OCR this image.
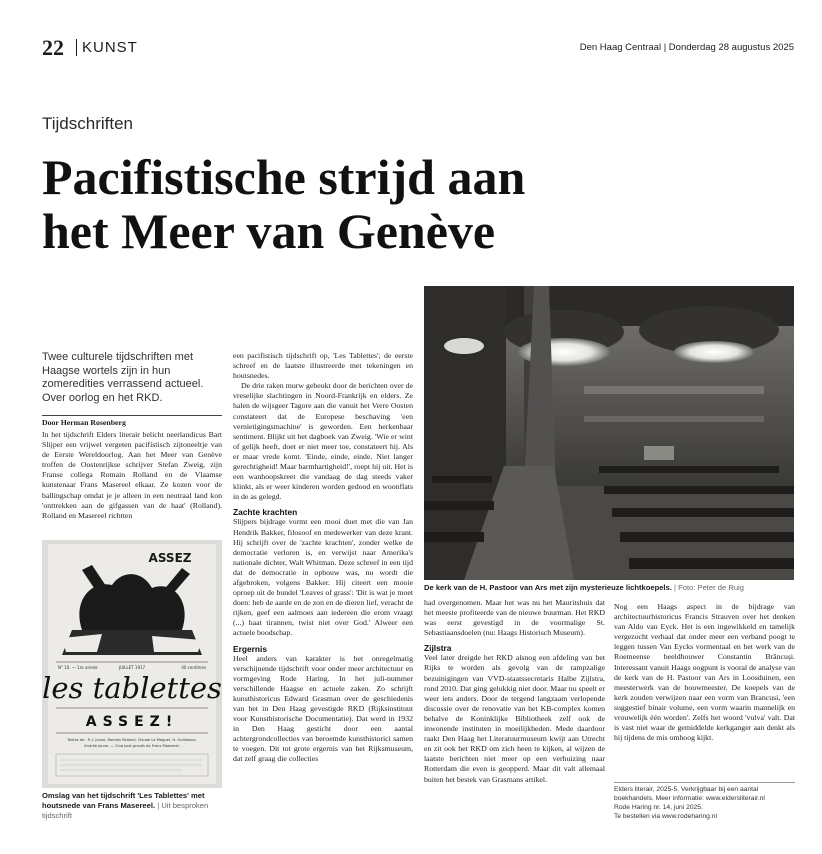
22 KUNST	Den Haag Centraal | Donderdag 28 augustus 2025
Tijdschriften
Pacifistische strijd aan het Meer van Genève
De kerk van de H. Pastoor van Ars met zijn mysterieuze lichtkoepels. | Foto: Peter de Ruig
Twee culturele tijdschriften met Haagse wortels zijn in hun zomeredities verrassend actueel. Over oorlog en het RKD.
Door Herman Rosenberg

In het tijdschrift Elders literair belicht neerlandicus Bart Slijper een vrijwel vergeten pacifistisch zijtoneeltje van de Eerste Wereldoorlog. Aan het Meer van Genève troffen de Oostenrijkse schrijver Stefan Zweig, zijn Franse collega Romain Rolland en de Vlaamse kunstenaar Frans Masereel elkaar. Ze kozen voor de ballingschap omdat je je alleen in een neutraal land kon 'onttrekken aan de gifgassen van de haat' (Rolland). Rolland en Masereel richtten

ASSEZ
N° 10. — 1re année	JUILLET 1917	40 centimes
les tablettes
ASSEZ!
Textes de : P.-J. Jouve, Romain Rolland, Claude Le Maguet, H. Guilbeaux,
Andrée Jouve. — Cinq bois gravés de Frans Masereel.
Omslag van het tijdschrift 'Les Tablettes' met houtsnede van Frans Masereel. | Uit besproken tijdschrift

een pacifistisch tijdschrift op, 'Les Tablettes'; de eerste schreef en de laatste illustreerde met tekeningen en houtsnedes.

De drie raken murw gebeukt door de berichten over de vreselijke slachtingen in Noord-Frankrijk en elders. Ze halen de wijsgeer Tagore aan die vanuit het Verre Oosten constateert dat de Europese beschaving 'een vernietigingsmachine' is geworden. Een herkenbaar sentiment. Blijkt uit het dagboek van Zweig. 'Wie er wint of gelijk heeft, doet er niet meer toe, constateert hij. Als er maar vrede komt. 'Einde, einde, einde. Niet langer gerechtigheid! Maar barmhartigheid!', roept hij uit. Het is een wanhoopskreet die vandaag de dag steeds vaker klinkt, als er weer kinderen worden gedood en woonflats in de as gelegd.

Zachte krachten

Slijpers bijdrage vormt een mooi duet met die van Jan Hendrik Bakker, filosoof en medewerker van deze krant. Hij schrijft over de 'zachte krachten', zonder welke de democratie verloren is, en verwijst naar Amerika's nationale dichter, Walt Whitman. Deze schreef in een tijd dat de democratie in opbouw was, nu wordt die afgebroken, volgens Bakker. Hij citeert een mooie oproep uit de bundel 'Leaves of grass': 'Dit is wat je moet doen: heb de aarde en de zon en de dieren lief, veracht de rijken, geef een aalmoes aan iedereen die erom vraagt (...) haat tirannen, twist niet over God.' Alweer een actuele boodschap.

Ergernis

Heel anders van karakter is het onregelmatig verschijnende tijdschrift voor onder meer architectuur en vormgeving Rode Haring. In het juli-nummer verschillende Haagse en actuele zaken. Zo schrijft kunsthistoricus Edward Grasman over de geschiedenis van het in Den Haag gevestigde RKD (Rijksinstituut voor Kunsthistorische Documentatie). Dat werd in 1932 in Den Haag gesticht door een aantal achtergrondcollecties van beroemde kunsthistorici samen te voegen. Dit tot grote ergernis van het Rijksmuseum, dat zelf graag die collecties

had overgenomen. Maar het was nu het Mauritshuis dat het meeste profiteerde van de nieuwe buurman. Het RKD was eerst gevestigd in de voormalige St. Sebastiaansdoelen (nu: Haags Historisch Museum).

Zijlstra

Veel later dreigde het RKD alsnog een afdeling van het Rijks te worden als gevolg van de rampzalige bezuinigingen van VVD-staatssecretaris Halbe Zijlstra, rond 2010. Dat ging gelukkig niet door. Maar nu speelt er weer iets anders. Door de tergend langzaam verlopende discussie over de renovatie van het KB-complex komen behalve de Koninklijke Bibliotheek zelf ook de inwonende instituten in moeilijkheden. Mede daardoor raakt Den Haag het Literatuurmuseum kwijt aan Utrecht en zit ook het RKD om zich heen te kijken, al wijzen de laatste berichten niet meer op een verhuizing naar Rotterdam die even is geopperd. Maar dit valt allemaal buiten het bestek van Grasmans artikel.

Nog een Haags aspect in de bijdrage van architectuurhistoricus Francis Strauven over het denken van Aldo van Eyck. Het is een ingewikkeld en tamelijk vergezocht verhaal dat onder meer een verband poogt te leggen tussen Van Eycks vormentaal en het werk van de Roemeense beeldhouwer Constantin Brâncuși. Interessant vanuit Haags oogpunt is vooral de analyse van de kerk van de H. Pastoor van Ars in Loosduinen, een meesterwerk van de bouwmeester. De koepels van de kerk zouden verwijzen naar een vorm van Brancusi, 'een suggestief binair volume, een vorm waarin mannelijk en vrouwelijk één worden'. Zelfs het woord 'vulva' valt. Dat is vast niet waar de gemiddelde kerkganger aan denkt als hij tijdens de mis omhoog kijkt.

Elders literair, 2025-5. Verkrijgbaar bij een aantal boekhandels. Meer informatie: www.eldersliterair.nl
Rode Haring nr. 14, juni 2025.
Te bestellen via www.rodeharing.nl
